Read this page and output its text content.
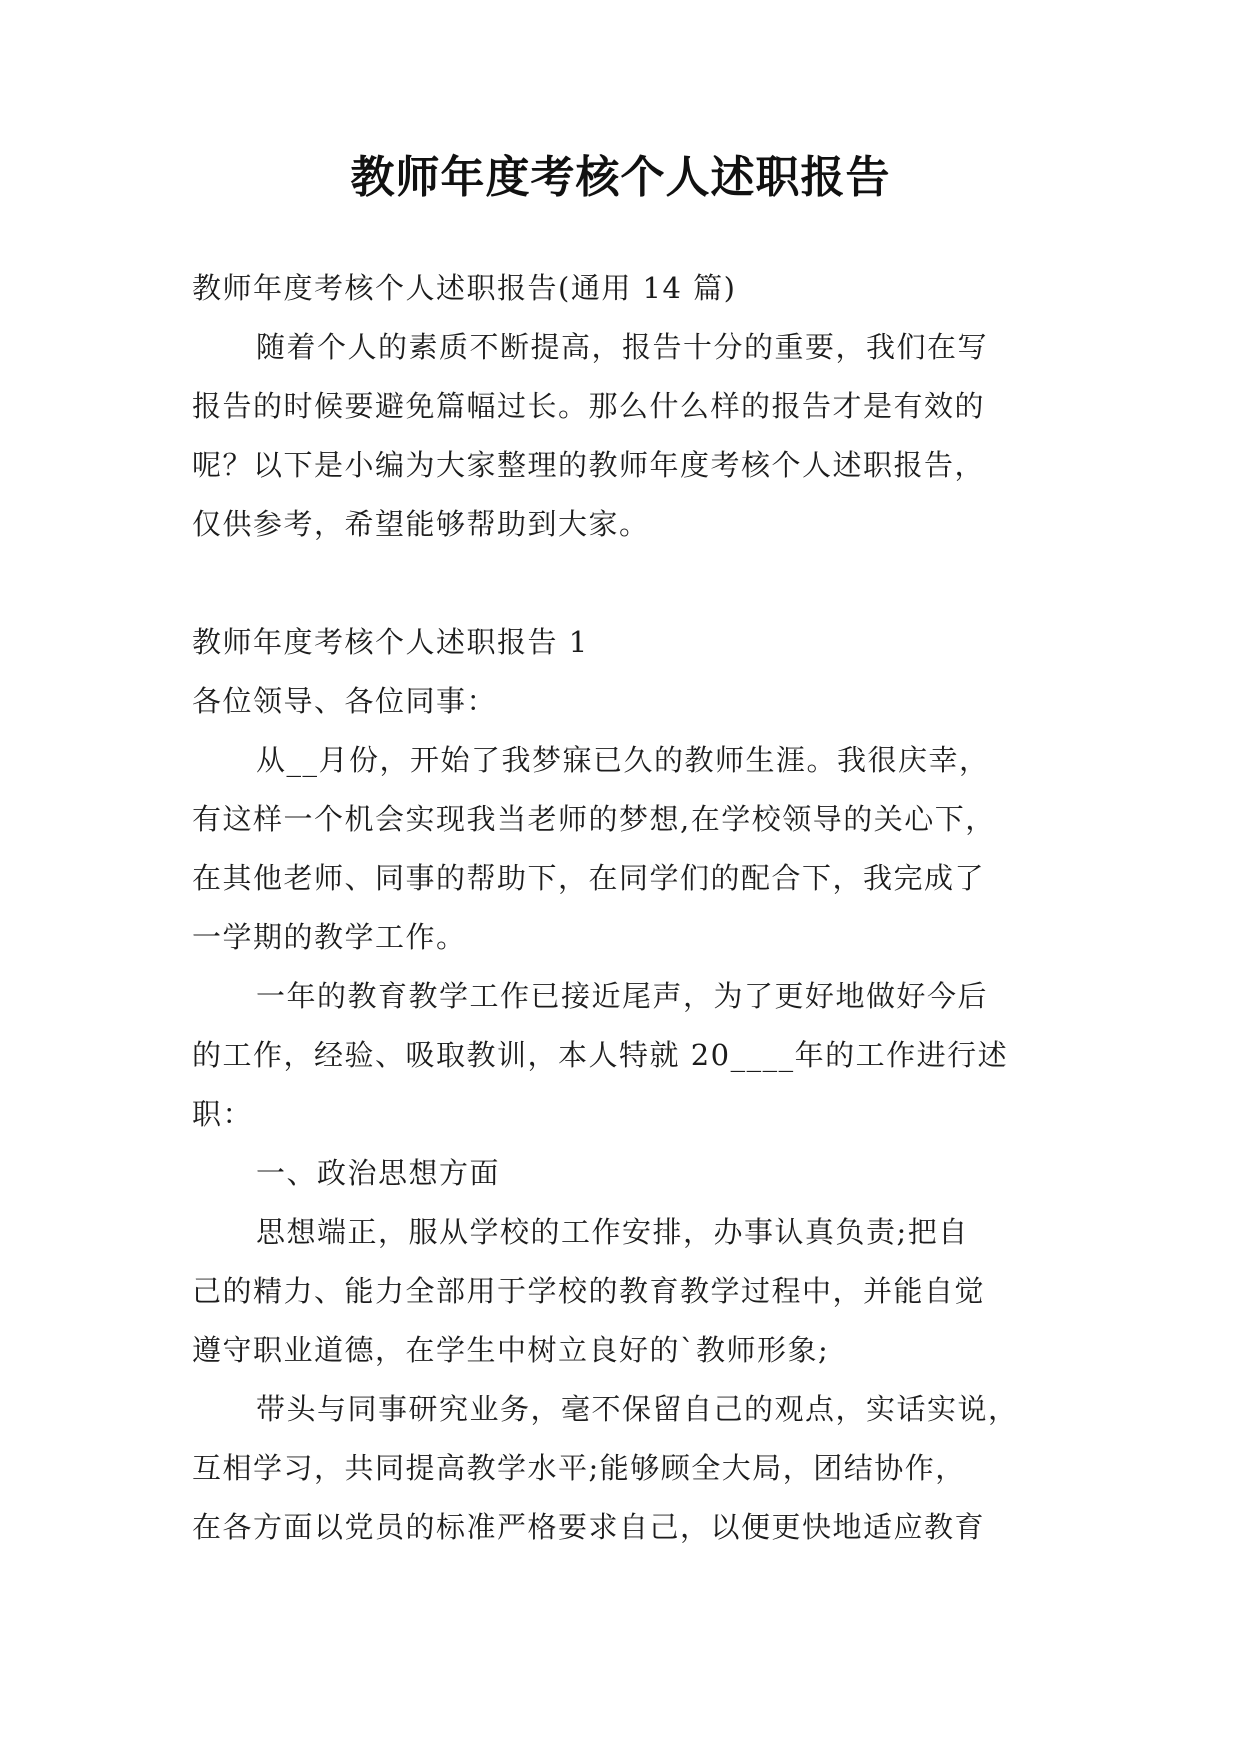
教师年度考核个人述职报告
教师年度考核个人述职报告(通用 14 篇)
随着个人的素质不断提高，报告十分的重要，我们在写
报告的时候要避免篇幅过长。那么什么样的报告才是有效的
呢？以下是小编为大家整理的教师年度考核个人述职报告，
仅供参考，希望能够帮助到大家。
教师年度考核个人述职报告 1
各位领导、各位同事：
从__月份，开始了我梦寐已久的教师生涯。我很庆幸，
有这样一个机会实现我当老师的梦想,在学校领导的关心下，
在其他老师、同事的帮助下，在同学们的配合下，我完成了
一学期的教学工作。
一年的教育教学工作已接近尾声，为了更好地做好今后
的工作，经验、吸取教训，本人特就 20____年的工作进行述
职：
一、政治思想方面
思想端正，服从学校的工作安排，办事认真负责;把自
己的精力、能力全部用于学校的教育教学过程中，并能自觉
遵守职业道德，在学生中树立良好的`教师形象;
带头与同事研究业务，毫不保留自己的观点，实话实说，
互相学习，共同提高教学水平;能够顾全大局，团结协作，
在各方面以党员的标准严格要求自己，以便更快地适应教育
